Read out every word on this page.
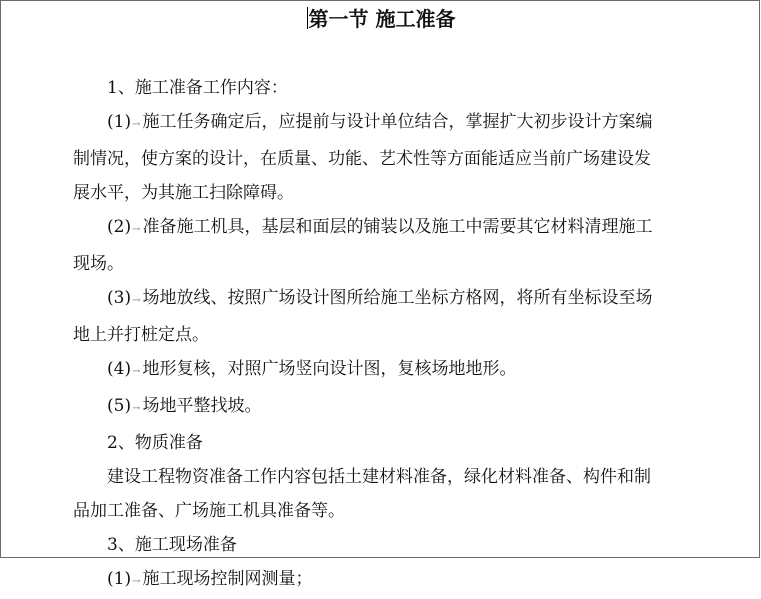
第一节 施工准备

1、施工准备工作内容：

(1)→ 施工任务确定后，应提前与设计单位结合，掌握扩大初步设计方案编

制情况，使方案的设计，在质量、功能、艺术性等方面能适应当前广场建设发

展水平，为其施工扫除障碍。

(2)→ 准备施工机具，基层和面层的铺装以及施工中需要其它材料清理施工

现场。

(3)→ 场地放线、按照广场设计图所给施工坐标方格网，将所有坐标设至场

地上并打桩定点。

(4)→ 地形复核，对照广场竖向设计图，复核场地地形。

(5)→ 场地平整找坡。

2、物质准备

建设工程物资准备工作内容包括土建材料准备，绿化材料准备、构件和制

品加工准备、广场施工机具准备等。

3、施工现场准备

(1)→ 施工现场控制网测量；
